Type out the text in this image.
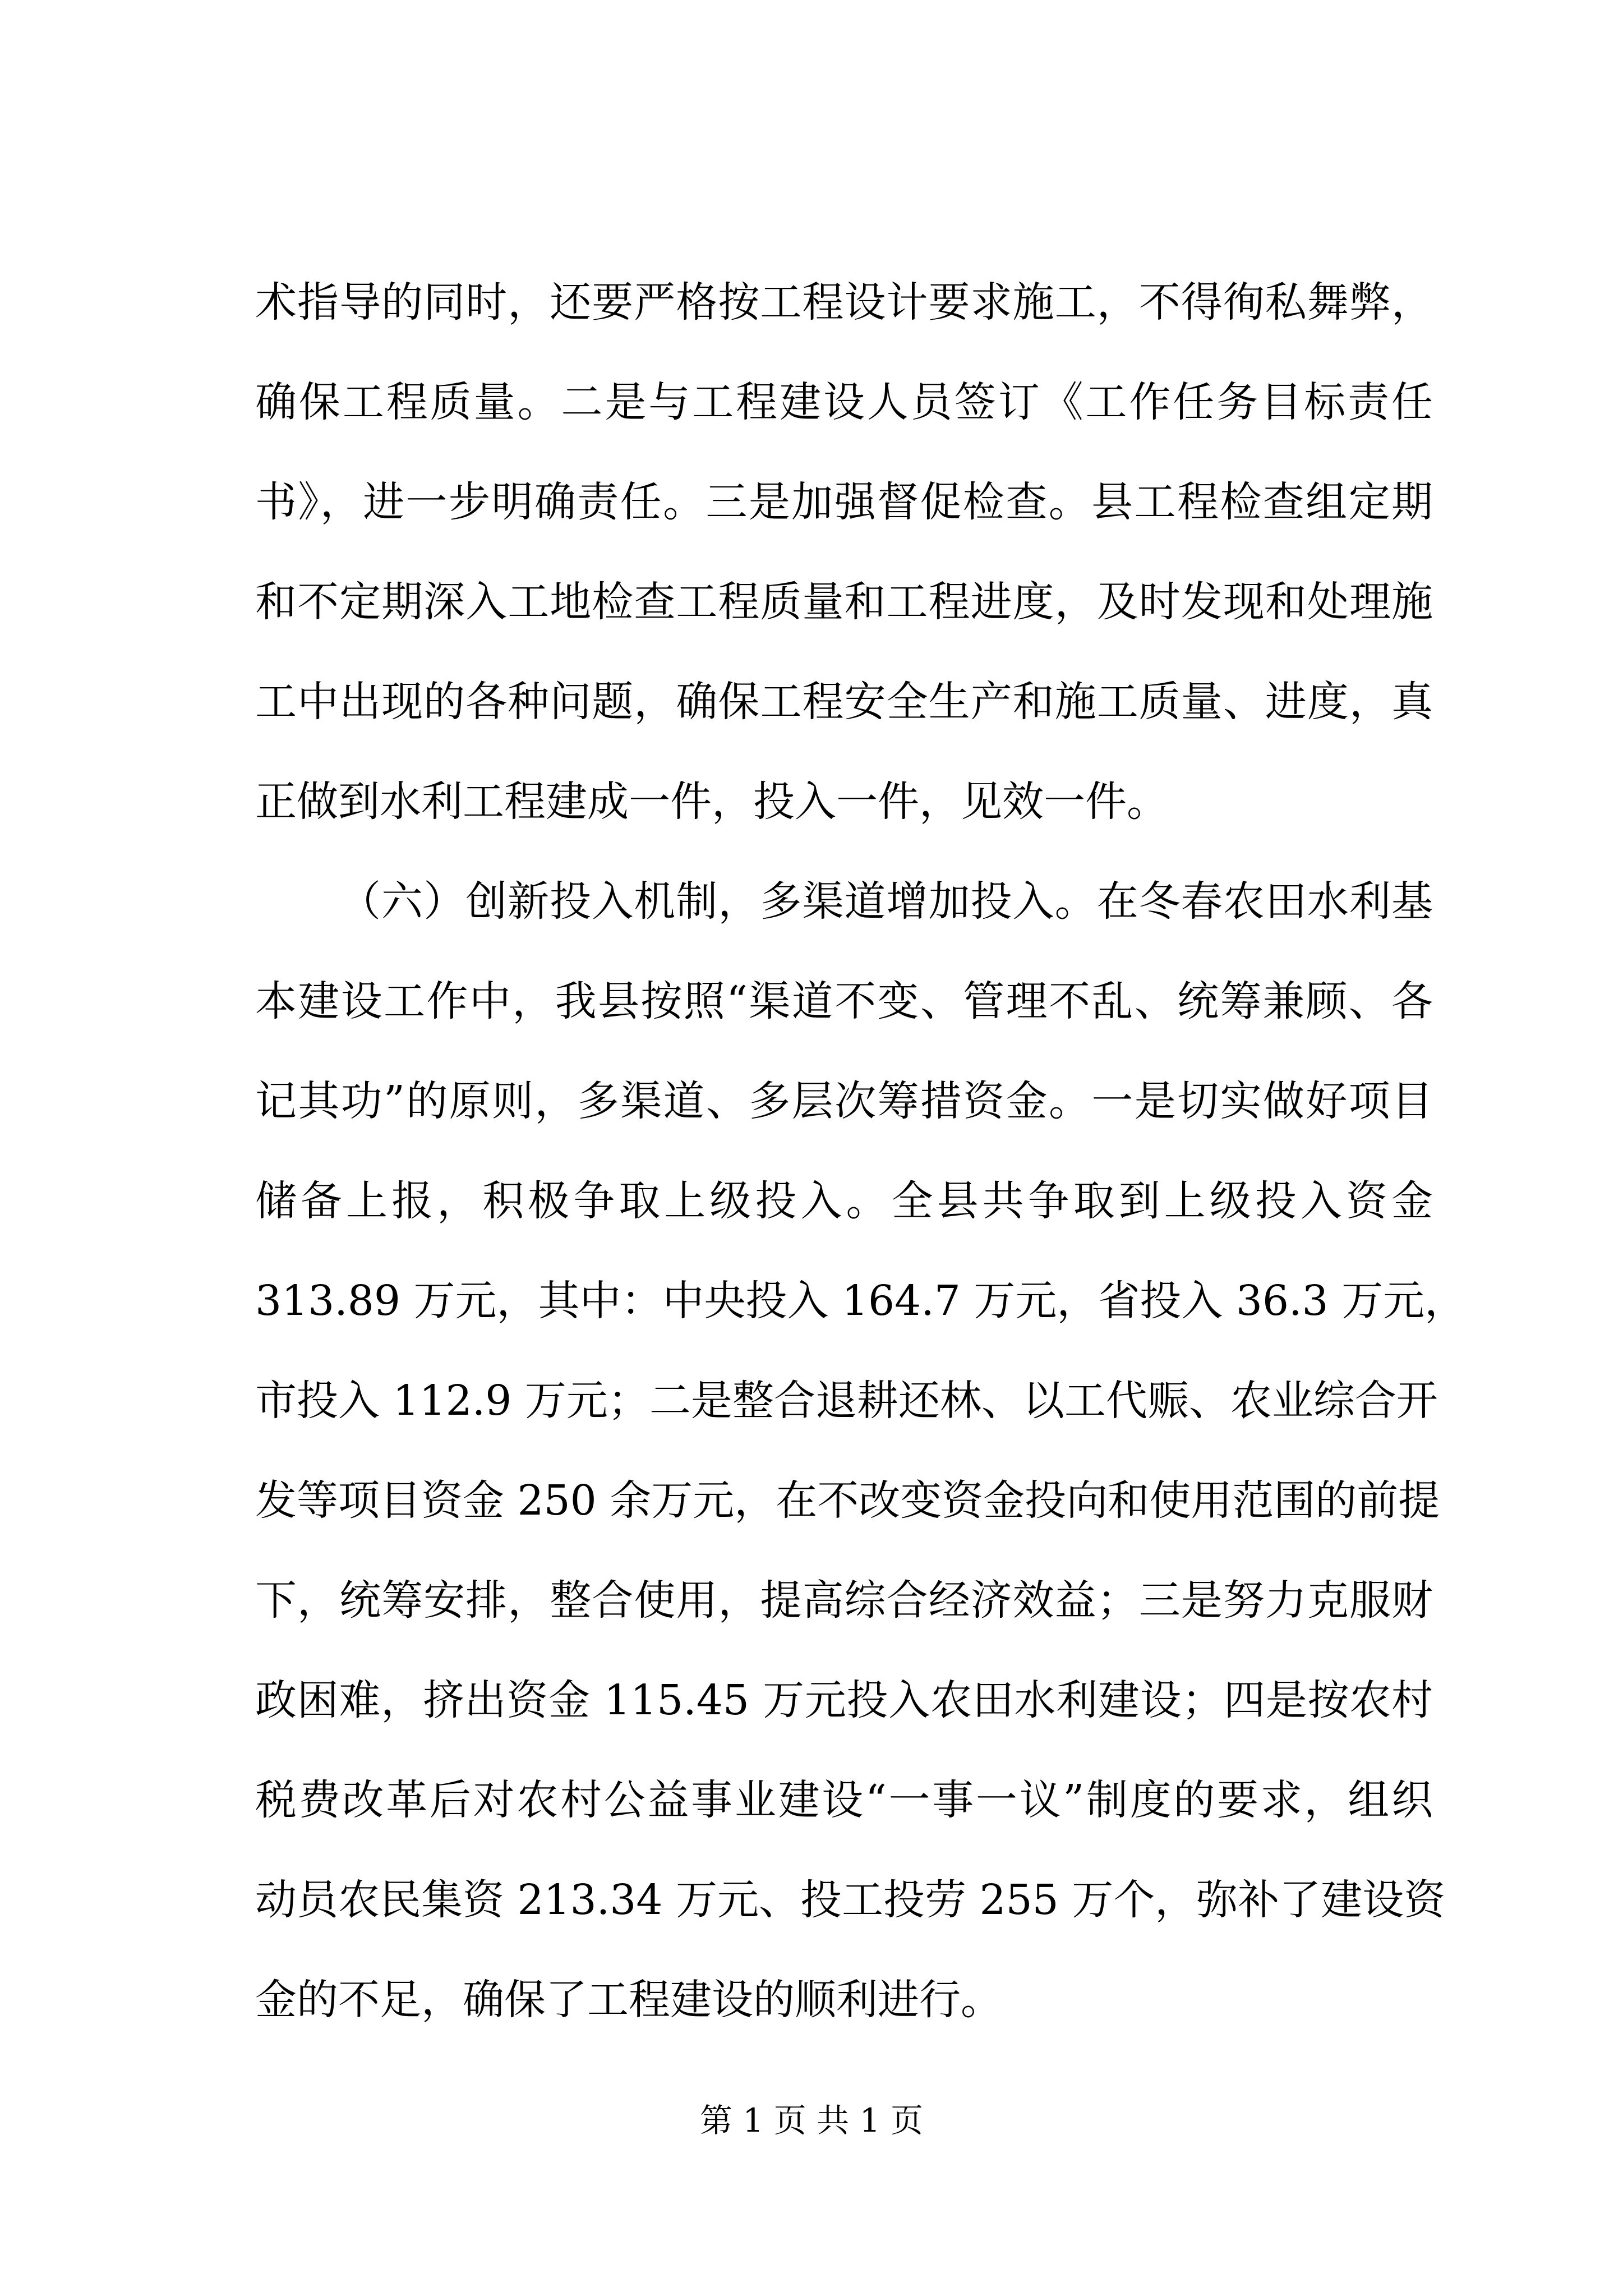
术指导的同时，还要严格按工程设计要求施工，不得徇私舞弊，
确保工程质量。二是与工程建设人员签订《工作任务目标责任
书》，进一步明确责任。三是加强督促检查。县工程检查组定期
和不定期深入工地检查工程质量和工程进度，及时发现和处理施
工中出现的各种问题，确保工程安全生产和施工质量、进度，真
正做到水利工程建成一件，投入一件，见效一件。
（六）创新投入机制，多渠道增加投入。在冬春农田水利基
本建设工作中，我县按照“渠道不变、管理不乱、统筹兼顾、各
记其功”的原则，多渠道、多层次筹措资金。一是切实做好项目
储备上报，积极争取上级投入。全县共争取到上级投入资金
313.89 万元，其中：中央投入 164.7 万元，省投入 36.3 万元，
市投入 112.9 万元；二是整合退耕还林、以工代赈、农业综合开
发等项目资金 250 余万元，在不改变资金投向和使用范围的前提
下，统筹安排，整合使用，提高综合经济效益；三是努力克服财
政困难，挤出资金 115.45 万元投入农田水利建设；四是按农村
税费改革后对农村公益事业建设“一事一议”制度的要求，组织
动员农民集资 213.34 万元、投工投劳 255 万个，弥补了建设资
金的不足，确保了工程建设的顺利进行。
第 1 页 共 1 页
